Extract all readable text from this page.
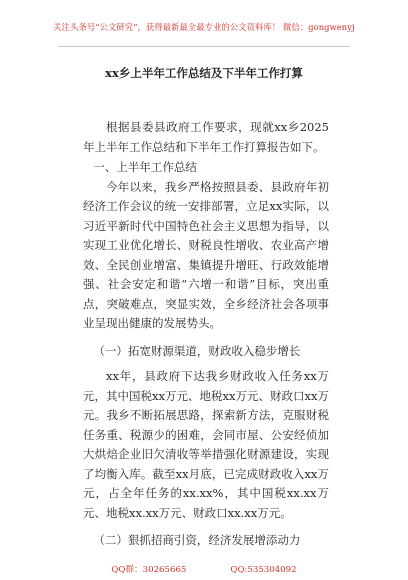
关注头条号“公文研究”，获得最新最全最专业的公文资料库！ 微信：gongwenyj
xx乡上半年工作总结及下半年工作打算

根据县委县政府工作要求，现就xx乡2025年上半年工作总结和下半年工作打算报告如下。

一、上半年工作总结

今年以来，我乡严格按照县委、县政府年初经济工作会议的统一安排部署，立足xx实际，以习近平新时代中国特色社会主义思想为指导，以实现工业优化增长、财税良性增收、农业高产增效、全民创业增富、集镇提升增旺、行政效能增强、社会安定和谐“六增一和谐”目标，突出重点，突破难点，突显实效，全乡经济社会各项事业呈现出健康的发展势头。

（一）拓宽财源渠道，财政收入稳步增长

xx年，县政府下达我乡财政收入任务xx万元，其中国税xx万元、地税xx万元、财政口xx万元。我乡不断拓展思路，探索新方法，克服财税任务重、税源少的困难，会同市屋、公安经侦加大烘焙企业旧欠清收等举措强化财源建设，实现了均衡入库。截至xx月底，已完成财政收入xx万元，占全年任务的xx.xx%，其中国税xx.xx万元、地税xx.xx万元、财政口xx.xx万元。

（二）狠抓招商引资，经济发展增添动力

QQ群：30265665	QQ:535304092
